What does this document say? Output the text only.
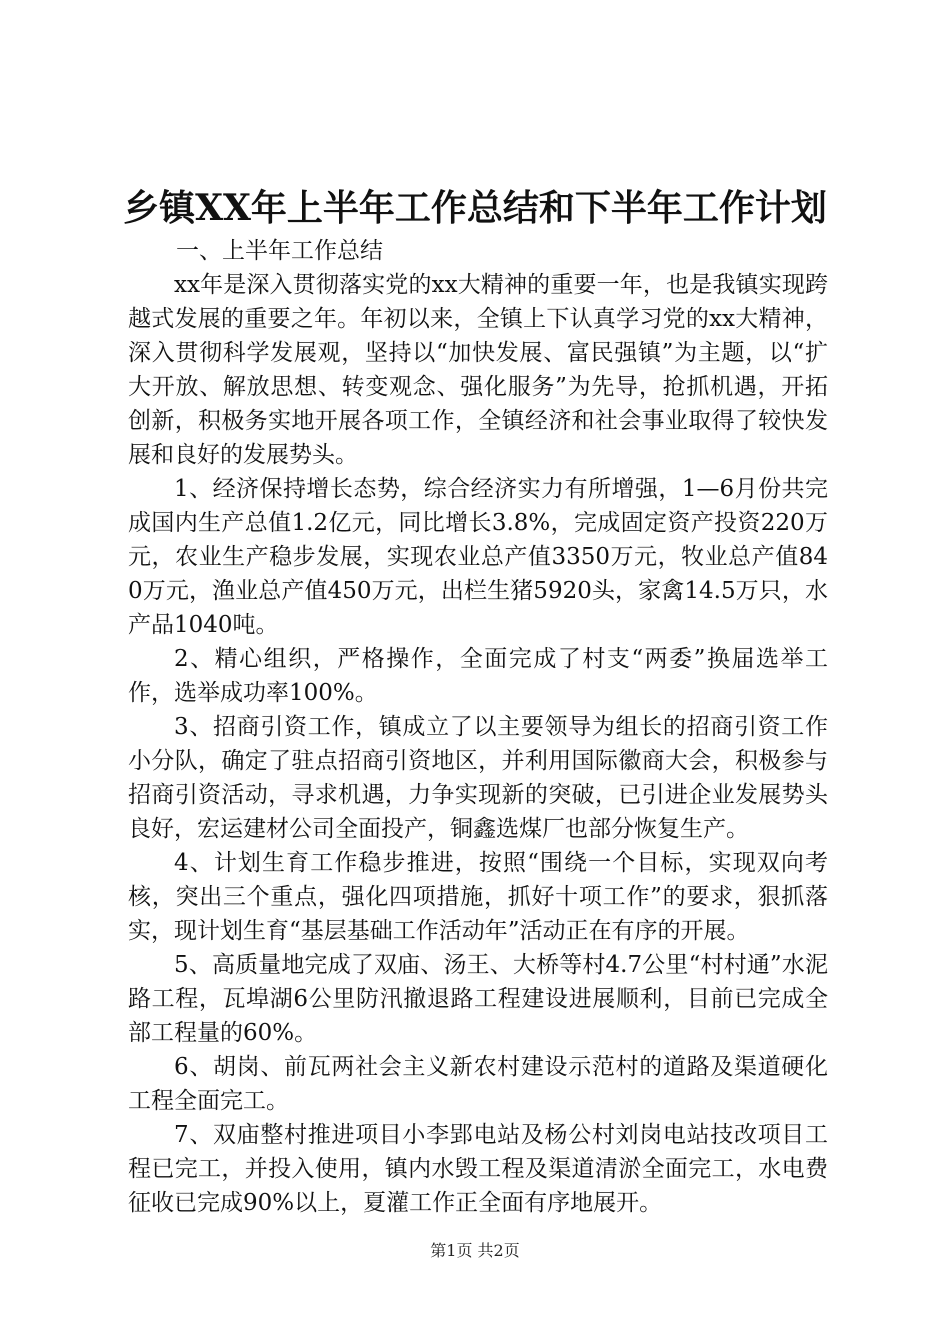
乡镇XX年上半年工作总结和下半年工作计划

一、上半年工作总结

xx年是深入贯彻落实党的xx大精神的重要一年，也是我镇实现跨越式发展的重要之年。年初以来，全镇上下认真学习党的xx大精神，深入贯彻科学发展观，坚持以“加快发展、富民强镇”为主题，以“扩大开放、解放思想、转变观念、强化服务”为先导，抢抓机遇，开拓创新，积极务实地开展各项工作，全镇经济和社会事业取得了较快发展和良好的发展势头。

1、经济保持增长态势，综合经济实力有所增强，1—6月份共完成国内生产总值1.2亿元，同比增长3.8%，完成固定资产投资220万元，农业生产稳步发展，实现农业总产值3350万元，牧业总产值840万元，渔业总产值450万元，出栏生猪5920头，家禽14.5万只，水产品1040吨。

2、精心组织，严格操作，全面完成了村支“两委”换届选举工作，选举成功率100%。

3、招商引资工作，镇成立了以主要领导为组长的招商引资工作小分队，确定了驻点招商引资地区，并利用国际徽商大会，积极参与招商引资活动，寻求机遇，力争实现新的突破，已引进企业发展势头良好，宏运建材公司全面投产，铜鑫选煤厂也部分恢复生产。

4、计划生育工作稳步推进，按照“围绕一个目标，实现双向考核，突出三个重点，强化四项措施，抓好十项工作”的要求，狠抓落实，现计划生育“基层基础工作活动年”活动正在有序的开展。

5、高质量地完成了双庙、汤王、大桥等村4.7公里“村村通”水泥路工程，瓦埠湖6公里防汛撤退路工程建设进展顺利，目前已完成全部工程量的60%。

6、胡岗、前瓦两社会主义新农村建设示范村的道路及渠道硬化工程全面完工。

7、双庙整村推进项目小李郢电站及杨公村刘岗电站技改项目工程已完工，并投入使用，镇内水毁工程及渠道清淤全面完工，水电费征收已完成90%以上，夏灌工作正全面有序地展开。

第1页 共2页
